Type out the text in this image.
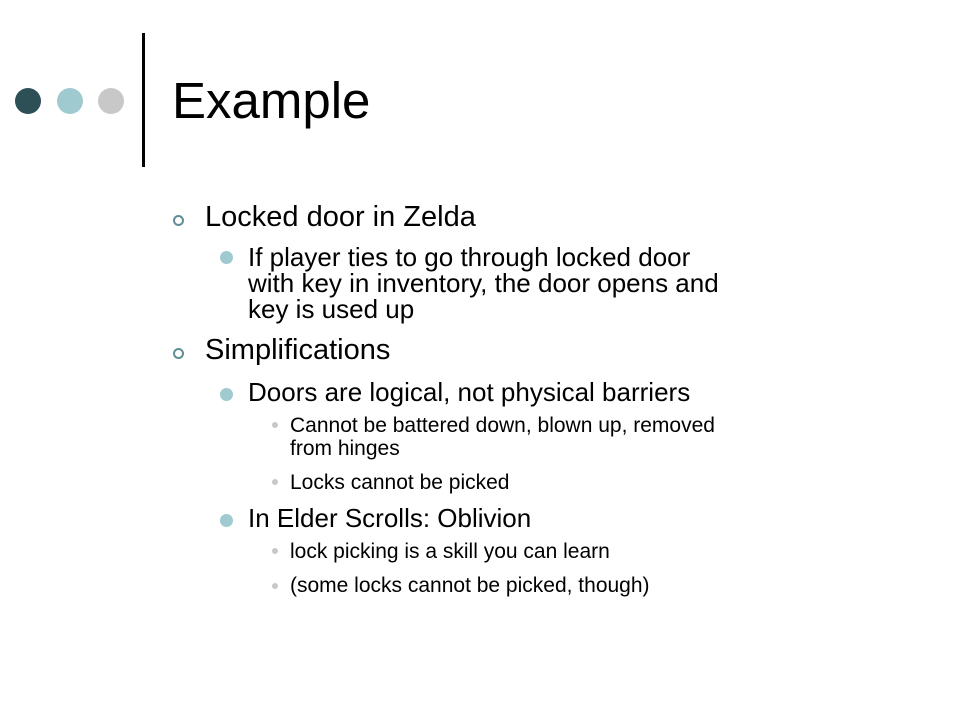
Example
Locked door in Zelda
If player ties to go through locked door
with key in inventory, the door opens and
key is used up
Simplifications
Doors are logical, not physical barriers
Cannot be battered down, blown up, removed
from hinges
Locks cannot be picked
In Elder Scrolls: Oblivion
lock picking is a skill you can learn
(some locks cannot be picked, though)
